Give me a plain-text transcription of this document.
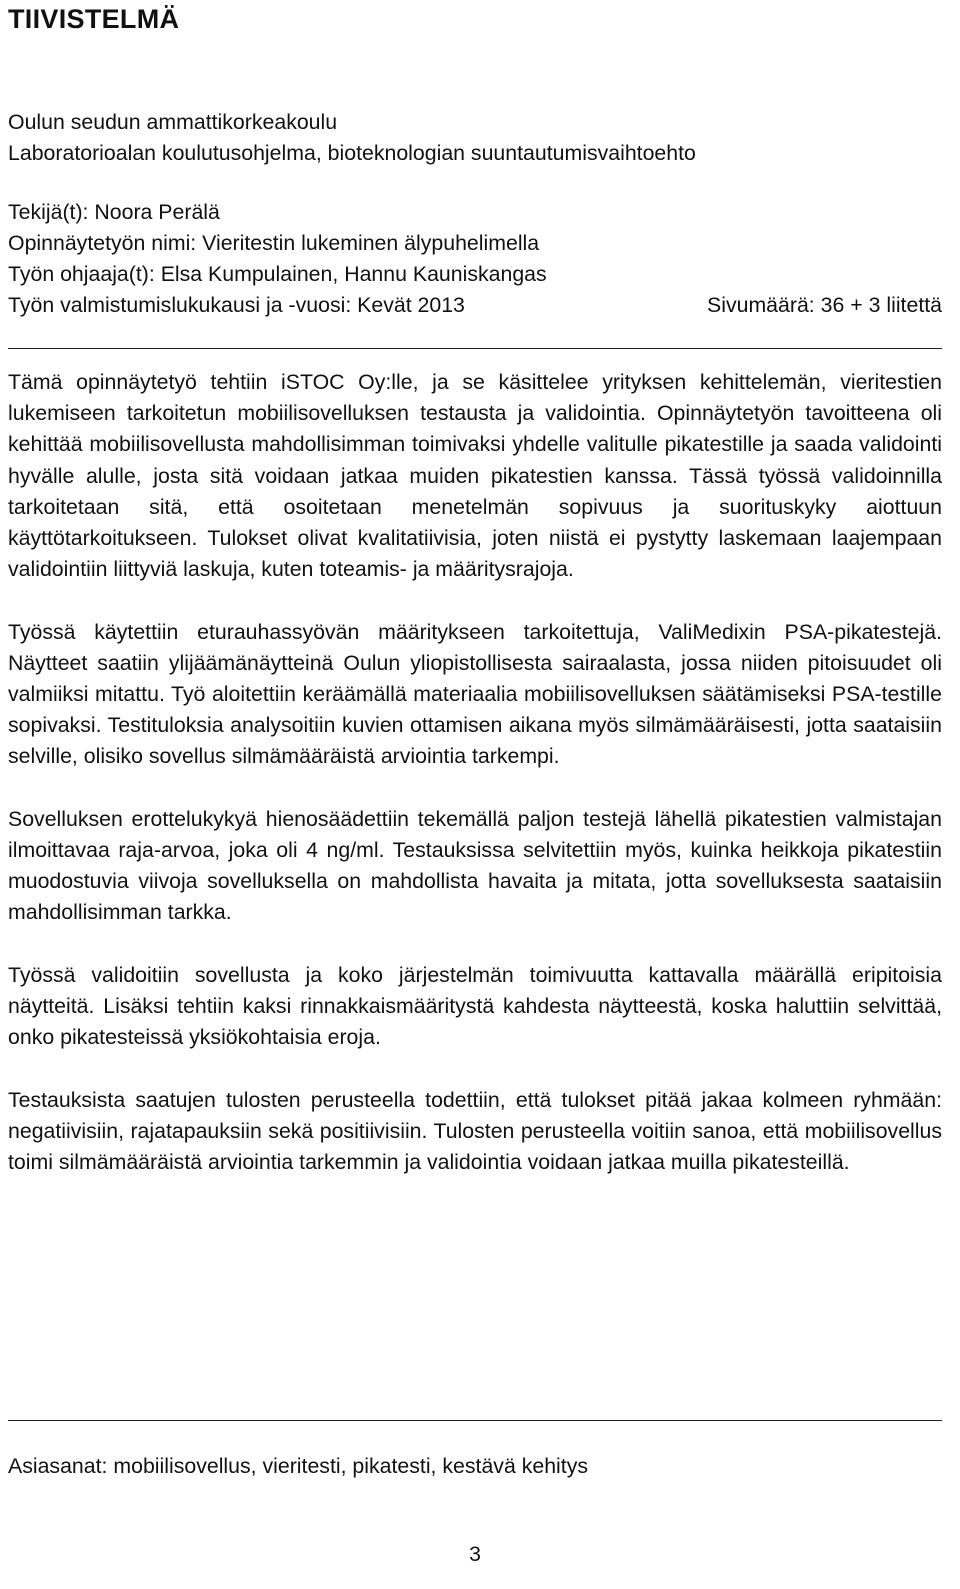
TIIVISTELMÄ

Oulun seudun ammattikorkeakoulu

Laboratorioalan koulutusohjelma, bioteknologian suuntautumisvaihtoehto

Tekijä(t): Noora Perälä

Opinnäytetyön nimi: Vieritestin lukeminen älypuhelimella

Työn ohjaaja(t): Elsa Kumpulainen, Hannu Kauniskangas

Työn valmistumislukukausi ja -vuosi: Kevät 2013	Sivumäärä: 36 + 3 liitettä

Tämä opinnäytetyö tehtiin iSTOC Oy:lle, ja se käsittelee yrityksen kehittelemän, vieritestien lukemiseen tarkoitetun mobiilisovelluksen testausta ja validointia. Opinnäytetyön tavoitteena oli kehittää mobiilisovellusta mahdollisimman toimivaksi yhdelle valitulle pikatestille ja saada validointi hyvälle alulle, josta sitä voidaan jatkaa muiden pikatestien kanssa. Tässä työssä validoinnilla tarkoitetaan sitä, että osoitetaan menetelmän sopivuus ja suorituskyky aiottuun käyttötarkoitukseen. Tulokset olivat kvalitatiivisia, joten niistä ei pystytty laskemaan laajempaan validointiin liittyviä laskuja, kuten toteamis- ja määritysrajoja.

Työssä käytettiin eturauhassyövän määritykseen tarkoitettuja, ValiMedixin PSA-pikatestejä. Näytteet saatiin ylijäämänäytteinä Oulun yliopistollisesta sairaalasta, jossa niiden pitoisuudet oli valmiiksi mitattu. Työ aloitettiin keräämällä materiaalia mobiilisovelluksen säätämiseksi PSA-testille sopivaksi. Testituloksia analysoitiin kuvien ottamisen aikana myös silmämääräisesti, jotta saataisiin selville, olisiko sovellus silmämääräistä arviointia tarkempi.

Sovelluksen erottelukykyä hienosäädettiin tekemällä paljon testejä lähellä pikatestien valmistajan ilmoittavaa raja-arvoa, joka oli 4 ng/ml. Testauksissa selvitettiin myös, kuinka heikkoja pikatestiin muodostuvia viivoja sovelluksella on mahdollista havaita ja mitata, jotta sovelluksesta saataisiin mahdollisimman tarkka.

Työssä validoitiin sovellusta ja koko järjestelmän toimivuutta kattavalla määrällä eripitoisia näytteitä. Lisäksi tehtiin kaksi rinnakkaismääritystä kahdesta näytteestä, koska haluttiin selvittää, onko pikatesteissä yksiökohtaisia eroja.

Testauksista saatujen tulosten perusteella todettiin, että tulokset pitää jakaa kolmeen ryhmään: negatiivisiin, rajatapauksiin sekä positiivisiin. Tulosten perusteella voitiin sanoa, että mobiilisovellus toimi silmämääräistä arviointia tarkemmin ja validointia voidaan jatkaa muilla pikatesteillä.

Asiasanat: mobiilisovellus, vieritesti, pikatesti, kestävä kehitys

3
